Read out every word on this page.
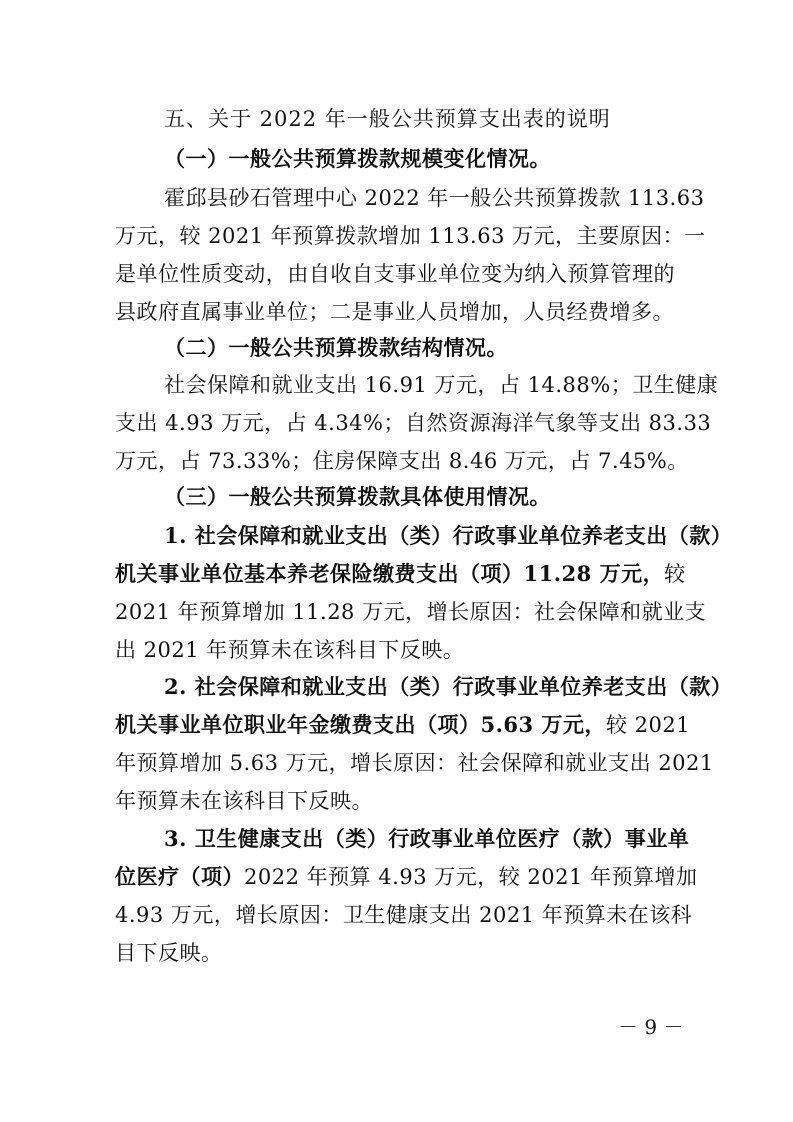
五、关于 2022 年一般公共预算支出表的说明
（一）一般公共预算拨款规模变化情况。
霍邱县砂石管理中心 2022 年一般公共预算拨款 113.63
万元，较 2021 年预算拨款增加 113.63 万元，主要原因：一
是单位性质变动，由自收自支事业单位变为纳入预算管理的
县政府直属事业单位；二是事业人员增加，人员经费增多。
（二）一般公共预算拨款结构情况。
社会保障和就业支出 16.91 万元，占 14.88%；卫生健康
支出 4.93 万元，占 4.34%；自然资源海洋气象等支出 83.33
万元，占 73.33%；住房保障支出 8.46 万元，占 7.45%。
（三）一般公共预算拨款具体使用情况。
1. 社会保障和就业支出（类）行政事业单位养老支出（款）
机关事业单位基本养老保险缴费支出（项）11.28 万元，较
2021 年预算增加 11.28 万元，增长原因：社会保障和就业支
出 2021 年预算未在该科目下反映。
2. 社会保障和就业支出（类）行政事业单位养老支出（款）
机关事业单位职业年金缴费支出（项）5.63 万元，较 2021
年预算增加 5.63 万元，增长原因：社会保障和就业支出 2021
年预算未在该科目下反映。
3. 卫生健康支出（类）行政事业单位医疗（款）事业单
位医疗（项）2022 年预算 4.93 万元，较 2021 年预算增加
4.93 万元，增长原因：卫生健康支出 2021 年预算未在该科
目下反映。
－ 9 －
